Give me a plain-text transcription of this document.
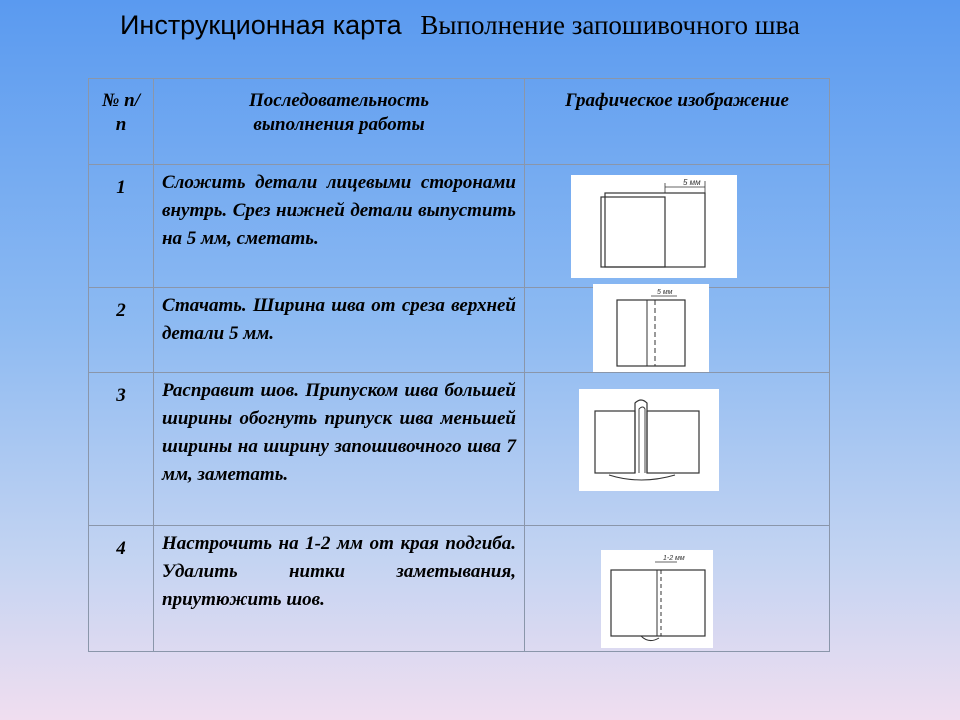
Инструкционная карта Выполнение запошивочного шва
№ п/п	Последовательность выполнения работы	Графическое изображение
1	Сложить детали лицевыми сторонами внутрь. Срез нижней детали выпустить на 5 мм, сметать.	5 мм

2	Стачать. Ширина шва от среза верхней детали 5 мм.	5 мм

3	Расправит шов. Припуском шва большей ширины обогнуть припуск шва меньшей ширины на ширину запошивочного шва 7 мм, заметать.	

4	Настрочить на 1-2 мм от края подгиба. Удалить нитки заметывания, приутюжить шов.	1-2 мм
